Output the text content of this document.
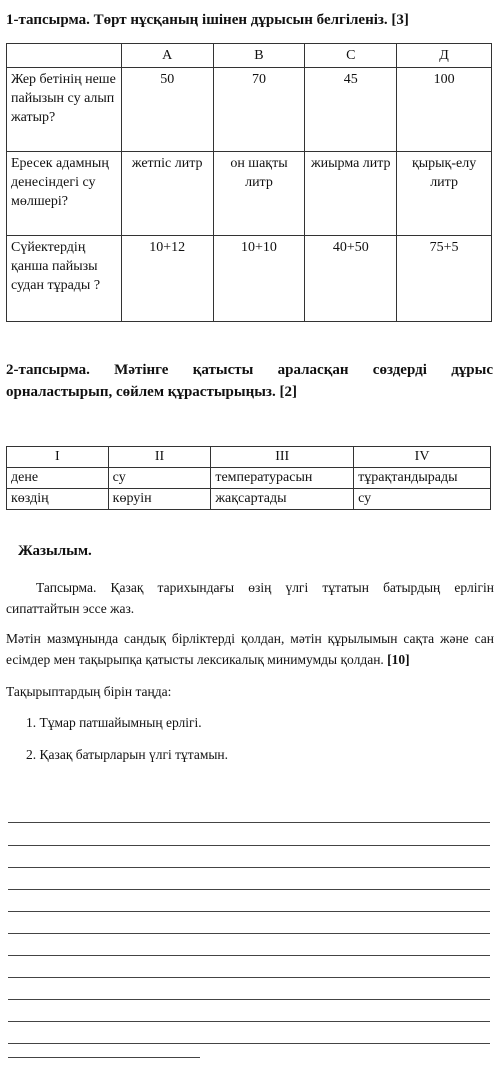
1-тапсырма. Төрт нұсқаның ішінен дұрысын белгіленіз. [3]
	А	В	С	Д
Жер бетінің неше пайызын су алып жатыр?	50	70	45	100
Ересек адамның денесіндегі су мөлшері?	жетпіс литр	он шақты литр	жиырма литр	қырық-елу литр
Сүйектердің қанша пайызы судан тұрады ?	10+12	10+10	40+50	75+5
2-тапсырма. Мәтінге қатысты араласқан сөздерді дұрыс орналастырып, сөйлем құрастырыңыз. [2]
I	II	III	IV
дене	су	температурасын	тұрақтандырады
көздің	көруін	жақсартады	су
Жазылым.
Тапсырма. Қазақ тарихындағы өзің үлгі тұтатын батырдың ерлігін сипаттайтын эссе жаз.
Мәтін мазмұнында сандық бірліктерді қолдан, мәтін құрылымын сақта және сан есімдер мен тақырыпқа қатысты лексикалық минимумды қолдан. [10]
Тақырыптардың бірін таңда:
1. Тұмар патшайымның ерлігі.
2. Қазақ батырларын үлгі тұтамын.
